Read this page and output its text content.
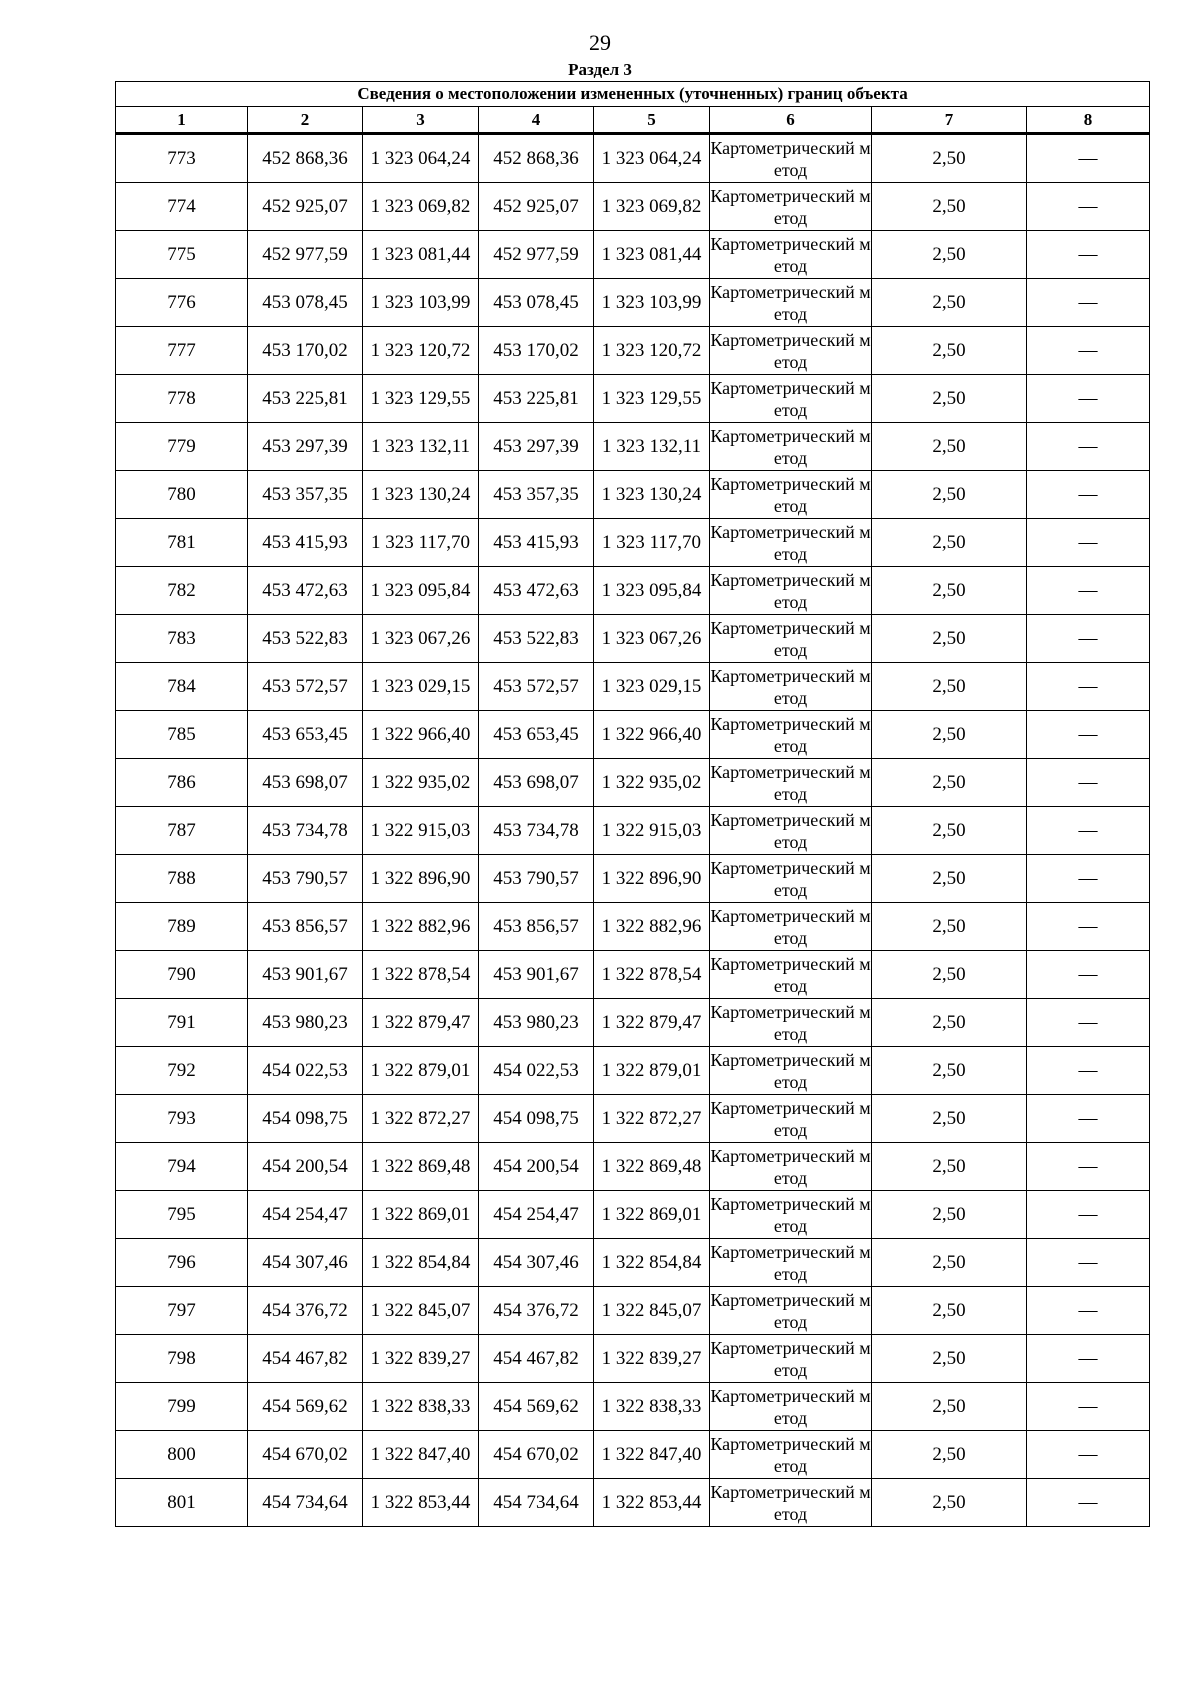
29
Раздел 3
Сведения о местоположении измененных (уточненных) границ объекта							
1	2	3	4	5	6	7	8
773	452 868,36	1 323 064,24	452 868,36	1 323 064,24	Картометрический метод	2,50	—
774	452 925,07	1 323 069,82	452 925,07	1 323 069,82	Картометрический метод	2,50	—
775	452 977,59	1 323 081,44	452 977,59	1 323 081,44	Картометрический метод	2,50	—
776	453 078,45	1 323 103,99	453 078,45	1 323 103,99	Картометрический метод	2,50	—
777	453 170,02	1 323 120,72	453 170,02	1 323 120,72	Картометрический метод	2,50	—
778	453 225,81	1 323 129,55	453 225,81	1 323 129,55	Картометрический метод	2,50	—
779	453 297,39	1 323 132,11	453 297,39	1 323 132,11	Картометрический метод	2,50	—
780	453 357,35	1 323 130,24	453 357,35	1 323 130,24	Картометрический метод	2,50	—
781	453 415,93	1 323 117,70	453 415,93	1 323 117,70	Картометрический метод	2,50	—
782	453 472,63	1 323 095,84	453 472,63	1 323 095,84	Картометрический метод	2,50	—
783	453 522,83	1 323 067,26	453 522,83	1 323 067,26	Картометрический метод	2,50	—
784	453 572,57	1 323 029,15	453 572,57	1 323 029,15	Картометрический метод	2,50	—
785	453 653,45	1 322 966,40	453 653,45	1 322 966,40	Картометрический метод	2,50	—
786	453 698,07	1 322 935,02	453 698,07	1 322 935,02	Картометрический метод	2,50	—
787	453 734,78	1 322 915,03	453 734,78	1 322 915,03	Картометрический метод	2,50	—
788	453 790,57	1 322 896,90	453 790,57	1 322 896,90	Картометрический метод	2,50	—
789	453 856,57	1 322 882,96	453 856,57	1 322 882,96	Картометрический метод	2,50	—
790	453 901,67	1 322 878,54	453 901,67	1 322 878,54	Картометрический метод	2,50	—
791	453 980,23	1 322 879,47	453 980,23	1 322 879,47	Картометрический метод	2,50	—
792	454 022,53	1 322 879,01	454 022,53	1 322 879,01	Картометрический метод	2,50	—
793	454 098,75	1 322 872,27	454 098,75	1 322 872,27	Картометрический метод	2,50	—
794	454 200,54	1 322 869,48	454 200,54	1 322 869,48	Картометрический метод	2,50	—
795	454 254,47	1 322 869,01	454 254,47	1 322 869,01	Картометрический метод	2,50	—
796	454 307,46	1 322 854,84	454 307,46	1 322 854,84	Картометрический метод	2,50	—
797	454 376,72	1 322 845,07	454 376,72	1 322 845,07	Картометрический метод	2,50	—
798	454 467,82	1 322 839,27	454 467,82	1 322 839,27	Картометрический метод	2,50	—
799	454 569,62	1 322 838,33	454 569,62	1 322 838,33	Картометрический метод	2,50	—
800	454 670,02	1 322 847,40	454 670,02	1 322 847,40	Картометрический метод	2,50	—
801	454 734,64	1 322 853,44	454 734,64	1 322 853,44	Картометрический метод	2,50	—
